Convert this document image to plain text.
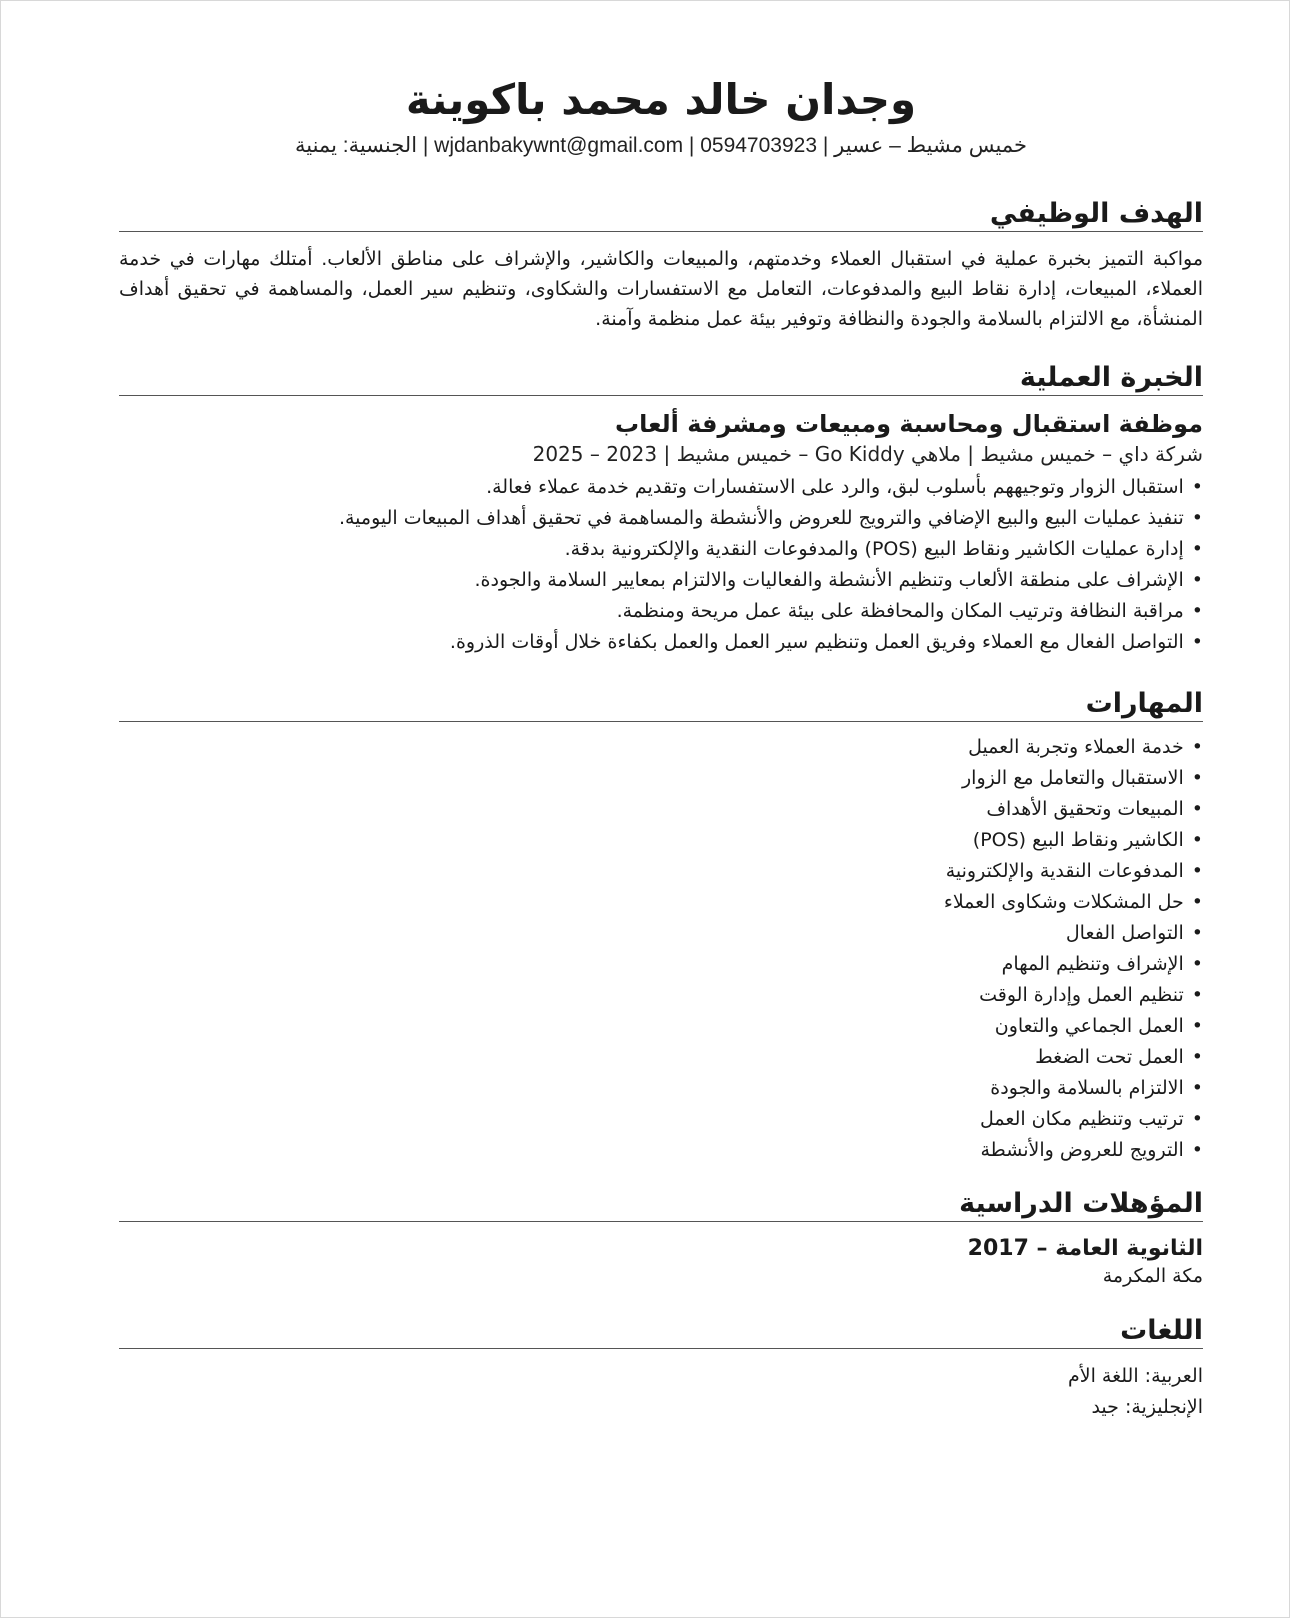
وجدان خالد محمد باكوينة
الجنسية: يمنية | wjdanbakywnt@gmail.com | 0594703923 | خميس مشيط – عسير
الهدف الوظيفي

مواكبة التميز بخبرة عملية في استقبال العملاء وخدمتهم، والمبيعات والكاشير، والإشراف على مناطق الألعاب. أمتلك مهارات في خدمة العملاء، المبيعات، إدارة نقاط البيع والمدفوعات، التعامل مع الاستفسارات والشكاوى، وتنظيم سير العمل، والمساهمة في تحقيق أهداف المنشأة، مع الالتزام بالسلامة والجودة والنظافة وتوفير بيئة عمل منظمة وآمنة.

الخبرة العملية
موظفة استقبال ومحاسبة ومبيعات ومشرفة ألعاب
شركة داي – خميس مشيط | ملاهي Go Kiddy – خميس مشيط | 2023 – 2025
• استقبال الزوار وتوجيههم بأسلوب لبق، والرد على الاستفسارات وتقديم خدمة عملاء فعالة.
• تنفيذ عمليات البيع والبيع الإضافي والترويج للعروض والأنشطة والمساهمة في تحقيق أهداف المبيعات اليومية.
• إدارة عمليات الكاشير ونقاط البيع (POS) والمدفوعات النقدية والإلكترونية بدقة.
• الإشراف على منطقة الألعاب وتنظيم الأنشطة والفعاليات والالتزام بمعايير السلامة والجودة.
• مراقبة النظافة وترتيب المكان والمحافظة على بيئة عمل مريحة ومنظمة.
• التواصل الفعال مع العملاء وفريق العمل وتنظيم سير العمل والعمل بكفاءة خلال أوقات الذروة.
المهارات
• خدمة العملاء وتجربة العميل
• الاستقبال والتعامل مع الزوار
• المبيعات وتحقيق الأهداف
• الكاشير ونقاط البيع (POS)
• المدفوعات النقدية والإلكترونية
• حل المشكلات وشكاوى العملاء
• التواصل الفعال
• الإشراف وتنظيم المهام
• تنظيم العمل وإدارة الوقت
• العمل الجماعي والتعاون
• العمل تحت الضغط
• الالتزام بالسلامة والجودة
• ترتيب وتنظيم مكان العمل
• الترويج للعروض والأنشطة
المؤهلات الدراسية
الثانوية العامة – 2017
مكة المكرمة
اللغات
العربية: اللغة الأم
الإنجليزية: جيد
